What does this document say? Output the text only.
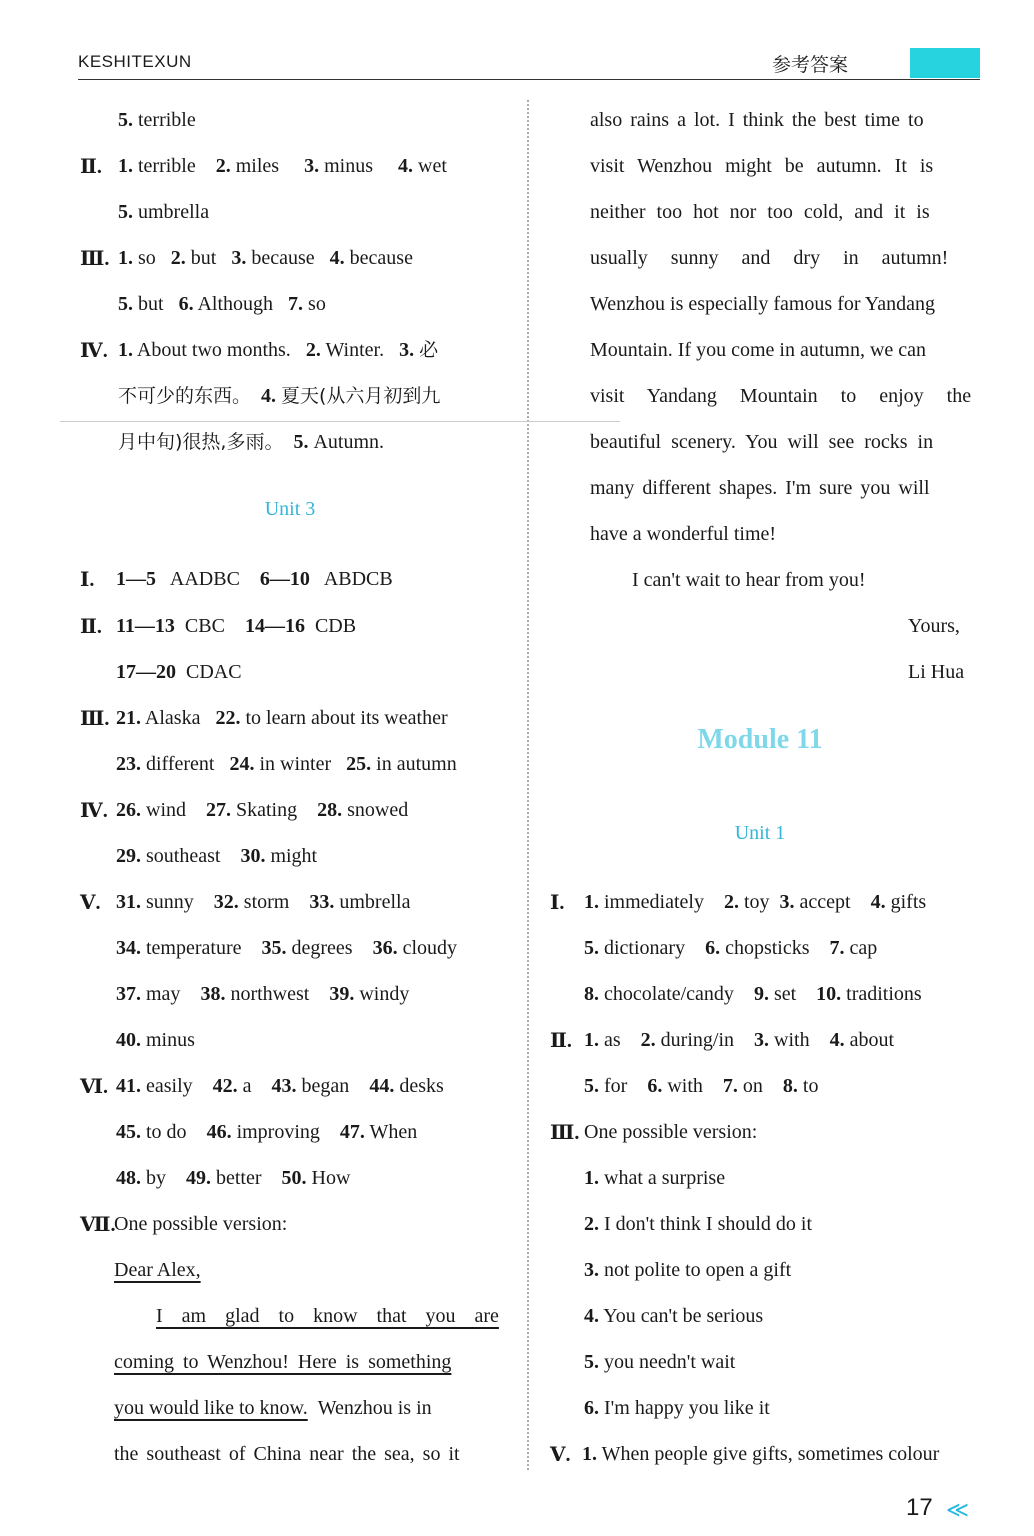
KESHITEXUN	参考答案
5. terrible
Ⅱ. 1. terrible 2. miles 3. minus 4. wet
5. umbrella
Ⅲ. 1. so 2. but 3. because 4. because
5. but 6. Although 7. so
Ⅳ. 1. About two months. 2. Winter. 3. 必
不可少的东西。 4. 夏天(从六月初到九
月中旬)很热,多雨。 5. Autumn.
Unit 3
Ⅰ. 1—5 AADBC 6—10 ABDCB
Ⅱ. 11—13 CBC 14—16 CDB
17—20 CDAC
Ⅲ. 21. Alaska 22. to learn about its weather
23. different 24. in winter 25. in autumn
Ⅳ. 26. wind 27. Skating 28. snowed
29. southeast 30. might
Ⅴ. 31. sunny 32. storm 33. umbrella
34. temperature 35. degrees 36. cloudy
37. may 38. northwest 39. windy
40. minus
Ⅵ. 41. easily 42. a 43. began 44. desks
45. to do 46. improving 47. When
48. by 49. better 50. How
Ⅶ.
One possible version:
Dear Alex,
I am glad to know that you are
coming to Wenzhou! Here is something
you would like to know. Wenzhou is in
the southeast of China near the sea, so it
also rains a lot. I think the best time to
visit Wenzhou might be autumn. It is
neither too hot nor too cold, and it is
usually sunny and dry in autumn!
Wenzhou is especially famous for Yandang
Mountain. If you come in autumn, we can
visit Yandang Mountain to enjoy the
beautiful scenery. You will see rocks in
many different shapes. I'm sure you will
have a wonderful time!
I can't wait to hear from you!
Yours,
Li Hua
Module 11
Unit 1
Ⅰ. 1. immediately 2. toy 3. accept 4. gifts
5. dictionary 6. chopsticks 7. cap
8. chocolate/candy 9. set 10. traditions
Ⅱ. 1. as 2. during/in 3. with 4. about
5. for 6. with 7. on 8. to
Ⅲ. One possible version:
1. what a surprise
2. I don't think I should do it
3. not polite to open a gift
4. You can't be serious
5. you needn't wait
6. I'm happy you like it
Ⅴ. 1. When people give gifts, sometimes colour
17 ≪
